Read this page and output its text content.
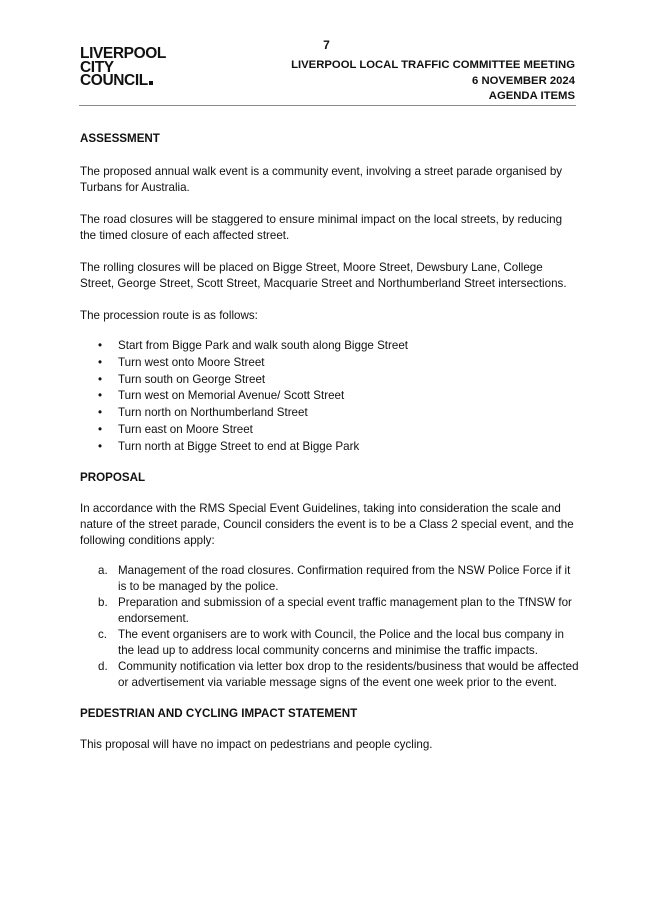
7
LIVERPOOL
CITY
COUNCIL
LIVERPOOL LOCAL TRAFFIC COMMITTEE MEETING
6 NOVEMBER 2024
AGENDA ITEMS
ASSESSMENT

The proposed annual walk event is a community event, involving a street parade organised by Turbans for Australia.

The road closures will be staggered to ensure minimal impact on the local streets, by reducing the timed closure of each affected street.

The rolling closures will be placed on Bigge Street, Moore Street, Dewsbury Lane, College Street, George Street, Scott Street, Macquarie Street and Northumberland Street intersections.

The procession route is as follows:

• Start from Bigge Park and walk south along Bigge Street
• Turn west onto Moore Street
• Turn south on George Street
• Turn west on Memorial Avenue/ Scott Street
• Turn north on Northumberland Street
• Turn east on Moore Street
• Turn north at Bigge Street to end at Bigge Park
PROPOSAL

In accordance with the RMS Special Event Guidelines, taking into consideration the scale and nature of the street parade, Council considers the event is to be a Class 2 special event, and the following conditions apply:

a. Management of the road closures. Confirmation required from the NSW Police Force if it is to be managed by the police.
b. Preparation and submission of a special event traffic management plan to the TfNSW for endorsement.
c. The event organisers are to work with Council, the Police and the local bus company in the lead up to address local community concerns and minimise the traffic impacts.
d. Community notification via letter box drop to the residents/business that would be affected or advertisement via variable message signs of the event one week prior to the event.
PEDESTRIAN AND CYCLING IMPACT STATEMENT

This proposal will have no impact on pedestrians and people cycling.
